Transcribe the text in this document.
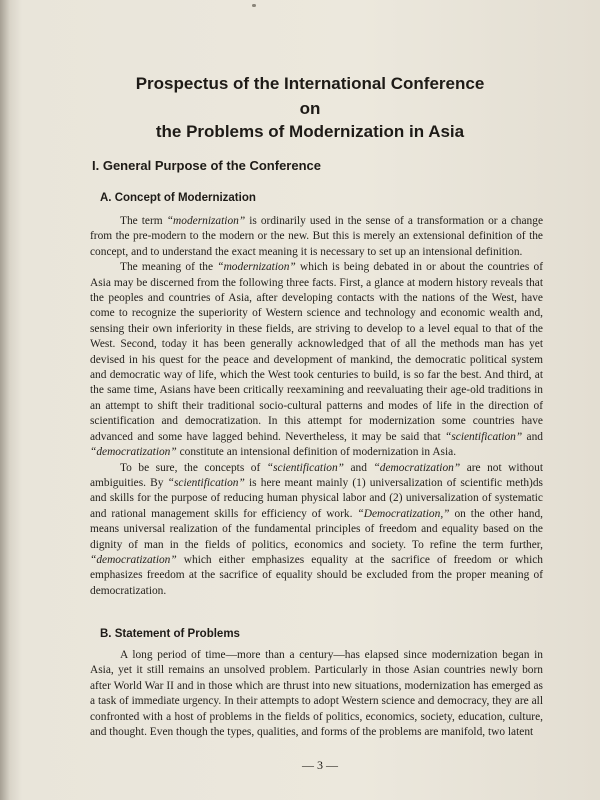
Prospectus of the International Conference
on
the Problems of Modernization in Asia
I. General Purpose of the Conference
A. Concept of Modernization

The term “modernization” is ordinarily used in the sense of a transformation or a change from the pre-modern to the modern or the new. But this is merely an extensional definition of the concept, and to understand the exact meaning it is necessary to set up an intensional definition.

The meaning of the “modernization” which is being debated in or about the countries of Asia may be discerned from the following three facts. First, a glance at modern history reveals that the peoples and countries of Asia, after developing contacts with the nations of the West, have come to recognize the superiority of Western science and technology and economic wealth and, sensing their own inferiority in these fields, are striving to develop to a level equal to that of the West. Second, today it has been generally acknowledged that of all the methods man has yet devised in his quest for the peace and development of mankind, the democratic political system and democratic way of life, which the West took centuries to build, is so far the best. And third, at the same time, Asians have been critically reexamining and reevaluating their age-old traditions in an attempt to shift their traditional socio-cultural patterns and modes of life in the direction of scientification and democratization. In this attempt for modernization some countries have advanced and some have lagged behind. Nevertheless, it may be said that “scientification” and “democratization” constitute an intensional definition of modernization in Asia.

To be sure, the concepts of “scientification” and “democratization” are not without ambiguities. By “scientification” is here meant mainly (1) universalization of scientific meth)ds and skills for the purpose of reducing human physical labor and (2) universalization of systematic and rational management skills for efficiency of work. “Democratization,” on the other hand, means universal realization of the fundamental principles of freedom and equality based on the dignity of man in the fields of politics, economics and society. To refine the term further, “democratization” which either emphasizes equality at the sacrifice of freedom or which emphasizes freedom at the sacrifice of equality should be excluded from the proper meaning of democratization.

B. Statement of Problems

A long period of time—more than a century—has elapsed since modernization began in Asia, yet it still remains an unsolved problem. Particularly in those Asian countries newly born after World War II and in those which are thrust into new situations, modernization has emerged as a task of immediate urgency. In their attempts to adopt Western science and democracy, they are all confronted with a host of problems in the fields of politics, economics, society, education, culture, and thought. Even though the types, qualities, and forms of the problems are manifold, two latent

— 3 —
